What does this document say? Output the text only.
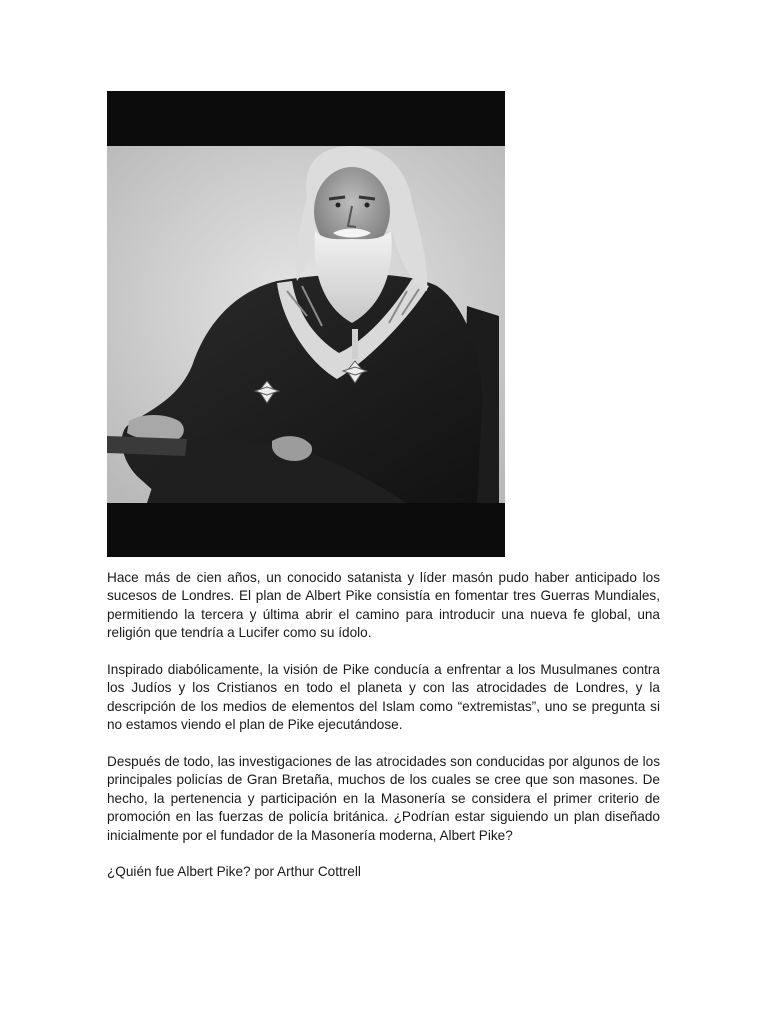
Hace más de cien años, un conocido satanista y líder masón pudo haber anticipado los sucesos de Londres. El plan de Albert Pike consistía en fomentar tres Guerras Mundiales, permitiendo la tercera y última abrir el camino para introducir una nueva fe global, una religión que tendría a Lucifer como su ídolo.

Inspirado diabólicamente, la visión de Pike conducía a enfrentar a los Musulmanes contra los Judíos y los Cristianos en todo el planeta y con las atrocidades de Londres, y la descripción de los medios de elementos del Islam como “extremistas”, uno se pregunta si no estamos viendo el plan de Pike ejecutándose.

Después de todo, las investigaciones de las atrocidades son conducidas por algunos de los principales policías de Gran Bretaña, muchos de los cuales se cree que son masones. De hecho, la pertenencia y participación en la Masonería se considera el primer criterio de promoción en las fuerzas de policía británica. ¿Podrían estar siguiendo un plan diseñado inicialmente por el fundador de la Masonería moderna, Albert Pike?

¿Quién fue Albert Pike? por Arthur Cottrell
